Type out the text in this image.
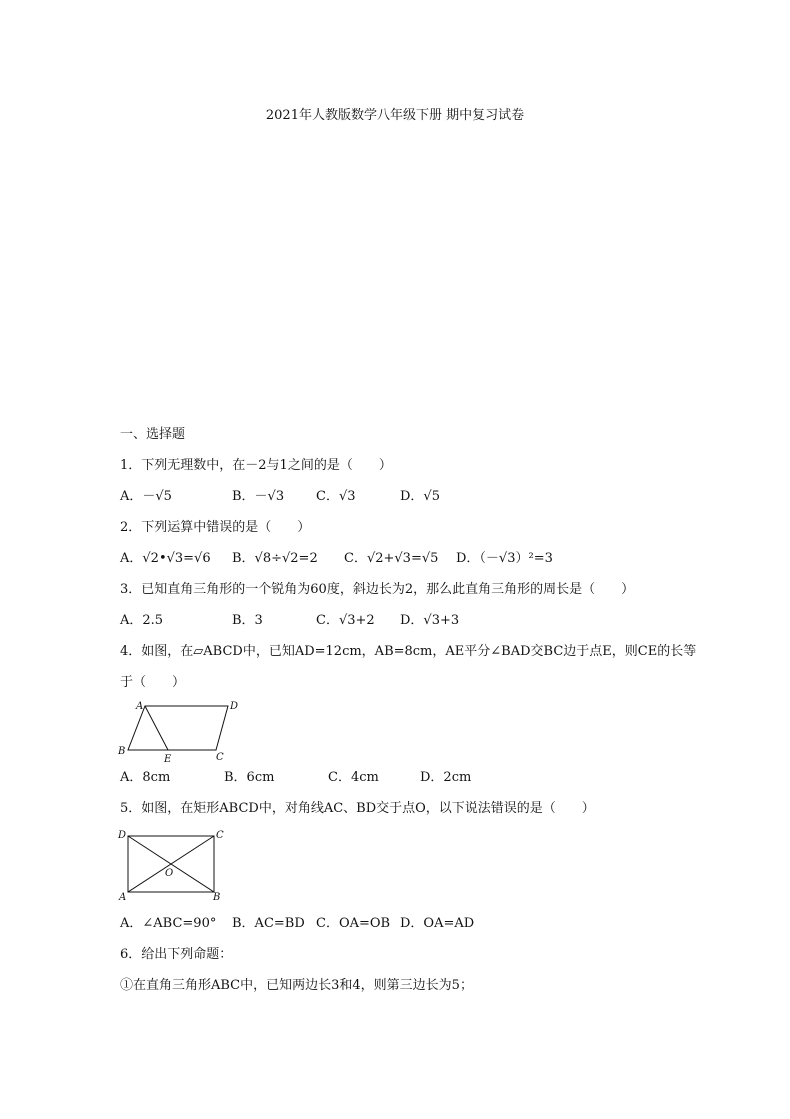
2021年人教版数学八年级下册 期中复习试卷
一、选择题
1．下列无理数中，在－2与1之间的是（　　）
A．－√5	B．－√3 C．√3	D．√5
2．下列运算中错误的是（　　）
A．√2•√3=√6 B．√8÷√2=2 C．√2+√3=√5 D．（－√3）²=3
3．已知直角三角形的一个锐角为60度，斜边长为2，那么此直角三角形的周长是（　　）
A．2.5	B．3	C．√3+2 D．√3+3
4．如图，在▱ABCD中，已知AD=12cm，AB=8cm，AE平分∠BAD交BC边于点E，则CE的长等
于（　　）
A	D
B
E	C
A．8cm	B．6cm	C．4cm	D．2cm
5．如图，在矩形ABCD中，对角线AC、BD交于点O，以下说法错误的是（　　）
D	C
O
A	B
A．∠ABC=90° B．AC=BD C．OA=OB D．OA=AD
6．给出下列命题：
①在直角三角形ABC中，已知两边长3和4，则第三边长为5；
